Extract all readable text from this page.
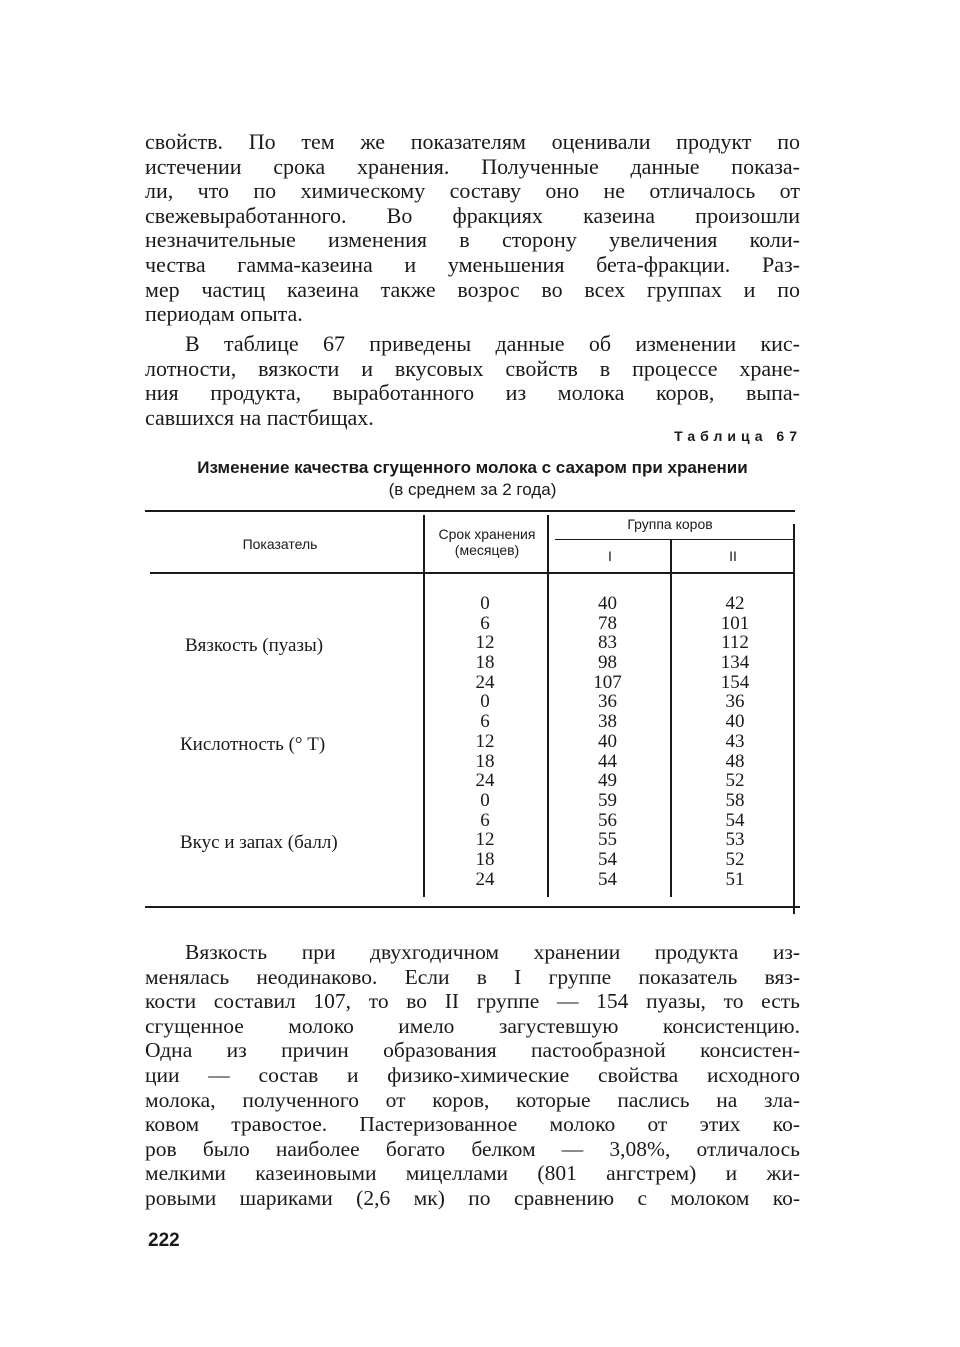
свойств. По тем же показателям оценивали продукт по
истечении срока хранения. Полученные данные показа-
ли, что по химическому составу оно не отличалось от
свежевыработанного. Во фракциях казеина произошли
незначительные изменения в сторону увеличения коли-
чества гамма-казеина и уменьшения бета-фракции. Раз-
мер частиц казеина также возрос во всех группах и по
периодам опыта.

В таблице 67 приведены данные об изменении кис-
лотности, вязкости и вкусовых свойств в процессе хране-
ния продукта, выработанного из молока коров, выпа-
савшихся на пастбищах.

Таблица 67
Изменение качества сгущенного молока с сахаром при хранении
(в среднем за 2 года)
Показатель
Срок хранения
(месяцев)
Группа коров
I	II
Вязкость (пуазы)
Кислотность (° Т)
Вкус и запах (балл)
0
6
12
18
24
0
6
12
18
24
0
6
12
18
24
40
78
83
98
107
36
38
40
44
49
59
56
55
54
54
42
101
112
134
154
36
40
43
48
52
58
54
53
52
51

Вязкость при двухгодичном хранении продукта из-
менялась неодинаково. Если в I группе показатель вяз-
кости составил 107, то во II группе — 154 пуазы, то есть
сгущенное молоко имело загустевшую консистенцию.
Одна из причин образования пастообразной консистен-
ции — состав и физико-химические свойства исходного
молока, полученного от коров, которые паслись на зла-
ковом травостое. Пастеризованное молоко от этих ко-
ров было наиболее богато белком — 3,08%, отличалось
мелкими казеиновыми мицеллами (801 ангстрем) и жи-
ровыми шариками (2,6 мк) по сравнению с молоком ко-

222
